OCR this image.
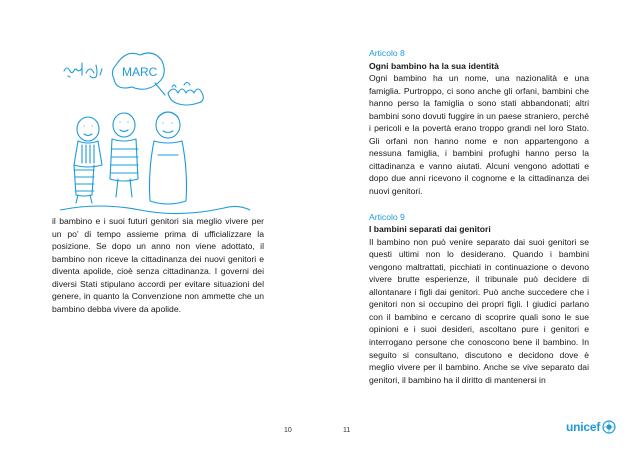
MARC

il bambino e i suoi futuri genitori sia meglio vivere per un po' di tempo assieme prima di ufficializzare la posizione. Se dopo un anno non viene adottato, il bambino non riceve la cittadinanza dei nuovi genitori e diventa apolide, cioè senza cittadinanza. I governi dei diversi Stati stipulano accordi per evitare situazioni del genere, in quanto la Convenzione non ammette che un bambino debba vivere da apolide.

10

Articolo 8

Ogni bambino ha la sua identità

Ogni bambino ha un nome, una nazionalità e una famiglia. Purtroppo, ci sono anche gli orfani, bambini che hanno perso la famiglia o sono stati abbandonati; altri bambini sono dovuti fuggire in un paese straniero, perché i pericoli e la povertà erano troppo grandi nel loro Stato. Gli orfani non hanno nome e non appartengono a nessuna famiglia, i bambini profughi hanno perso la cittadinanza e vanno aiutati. Alcuni vengono adottati e dopo due anni ricevono il cognome e la cittadinanza dei nuovi genitori.

Articolo 9

I bambini separati dai genitori

Il bambino non può venire separato dai suoi genitori se questi ultimi non lo desiderano. Quando i bambini vengono maltrattati, picchiati in continuazione o devono vivere brutte esperienze, il tribunale può decidere di allontanare i figli dai genitori. Può anche succedere che i genitori non si occupino dei propri figli. I giudici parlano con il bambino e cercano di scoprire quali sono le sue opinioni e i suoi desideri, ascoltano pure i genitori e interrogano persone che conoscono bene il bambino. In seguito si consultano, discutono e decidono dove è meglio vivere per il bambino. Anche se vive separato dai genitori, il bambino ha il diritto di mantenersi in

11	unicef
